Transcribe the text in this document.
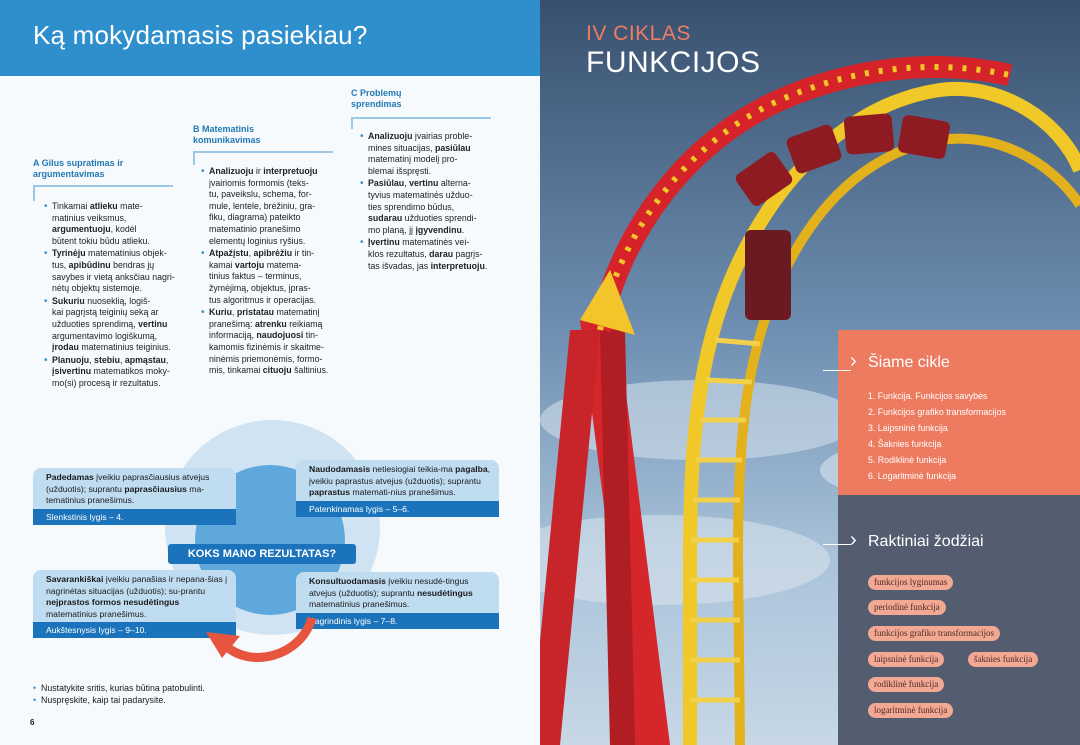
Ką mokydamasis pasiekiau?
C Problemų
sprendimas
B Matematinis
komunikavimas
A Gilus supratimas ir
argumentavimas
• Tinkamai atlieku mate-
matinius veiksmus,
argumentuoju, kodėl
būtent tokiu būdu atlieku.
• Tyrinėju matematinius objek-
tus, apibūdinu bendras jų
savybes ir vietą anksčiau nagri-
nėtų objektų sistemoje.
• Sukuriu nuoseklią, logiš-
kai pagrįstą teiginių seką ar
užduoties sprendimą, vertinu
argumentavimo logiškumą,
įrodau matematinius teiginius.
• Planuoju, stebiu, apmąstau,
įsivertinu matematikos moky-
mo(si) procesą ir rezultatus.
• Analizuoju ir interpretuoju
įvairiomis formomis (teks-
tu, paveikslu, schema, for-
mule, lentele, brėžiniu, gra-
fiku, diagrama) pateikto
matematinio pranešimo
elementų loginius ryšius.
• Atpažįstu, apibrėžiu ir tin-
kamai vartoju matema-
tinius faktus – terminus,
žymėjimą, objektus, įpras-
tus algoritmus ir operacijas.
• Kuriu, pristatau matematinį
pranešimą: atrenku reikiamą
informaciją, naudojuosi tin-
kamomis fizinėmis ir skaitme-
ninėmis priemonėmis, formo-
mis, tinkamai cituoju šaltinius.
• Analizuoju įvairias proble-
mines situacijas, pasiūlau
matematinį modelį pro-
blemai išspręsti.
• Pasiūlau, vertinu alterna-
tyvius matematinės užduo-
ties sprendimo būdus,
sudarau užduoties sprendi-
mo planą, jį įgyvendinu.
• Įvertinu matematinės vei-
klos rezultatus, darau pagrįs-
tas išvadas, jas interpretuoju.
Padedamas įveikiu paprasčiausius atvejus (užduotis); suprantu paprasčiausius ma-tematinius pranešimus.
Slenkstinis lygis – 4.
Naudodamasis netiesiogiai teikia-ma pagalba, įveikiu paprastus atvejus (užduotis); suprantu paprastus matemati-nius pranešimus.
Patenkinamas lygis – 5–6.
KOKS MANO REZULTATAS?
Savarankiškai įveikiu panašias ir nepana-šias į nagrinėtas situacijas (užduotis); su-prantu nejprastos formos nesudėtingus matematinius pranešimus.
Aukštesnysis lygis – 9–10.
Konsultuodamasis įveikiu nesudė-tingus atvejus (užduotis); suprantu nesudėtingus matematinius pranešimus.
Pagrindinis lygis – 7–8.
• Nustatykite sritis, kurias būtina patobulinti.
• Nuspręskite, kaip tai padarysite.
6
IV CIKLAS
FUNKCIJOS
› Šiame cikle
1. Funkcija. Funkcijos savybės
2. Funkcijos grafiko transformacijos
3. Laipsninė funkcija
4. Šaknies funkcija
5. Rodiklinė funkcija
6. Logaritminė funkcija
› Raktiniai žodžiai
funkcijos lyginumas
periodinė funkcija
funkcijos grafiko transformacijos
laipsninė funkcija	šaknies funkcija
rodiklinė funkcija
logaritminė funkcija
